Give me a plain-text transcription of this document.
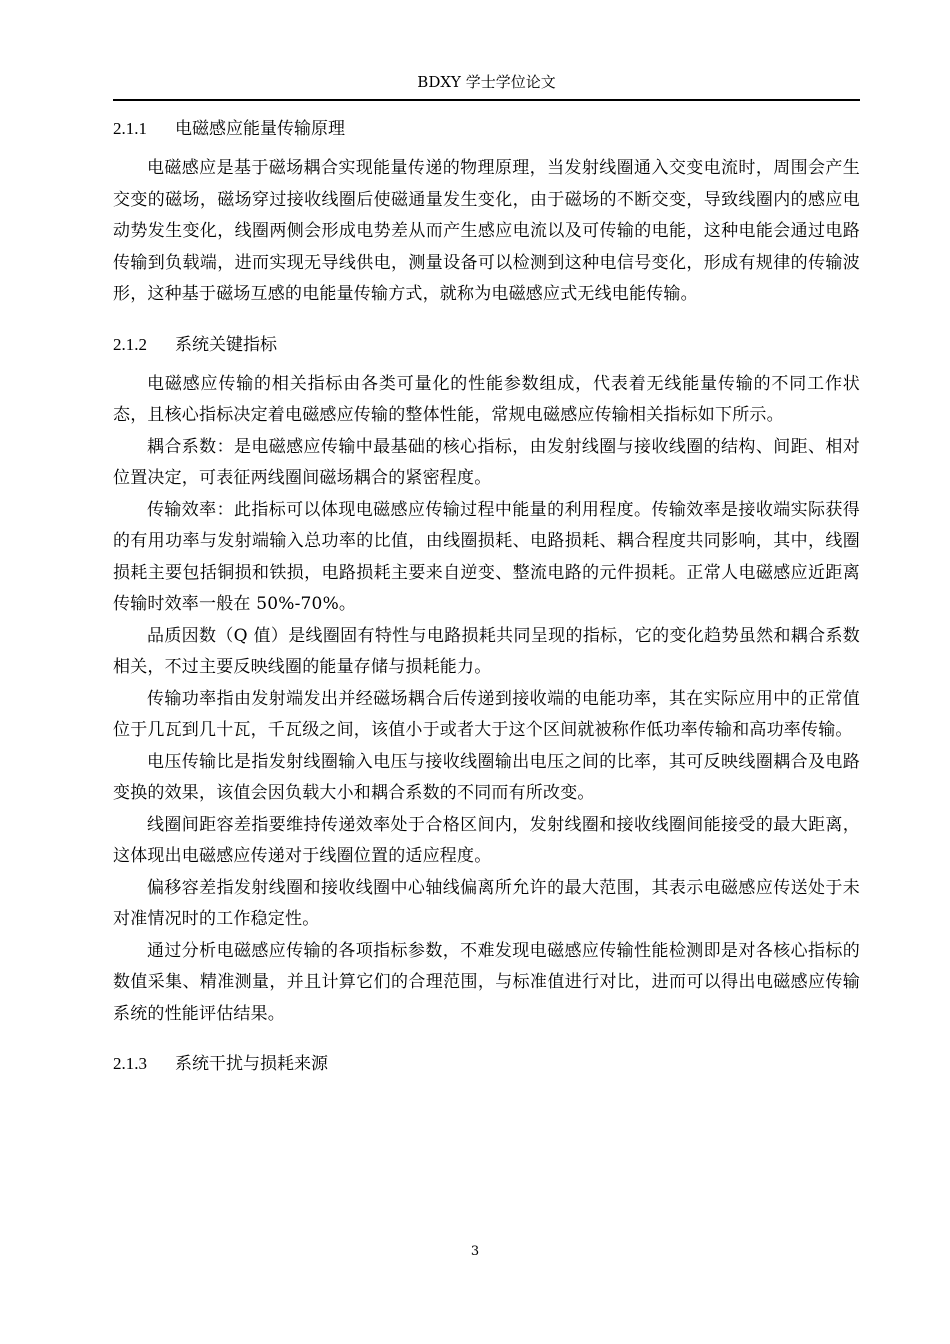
BDXY 学士学位论文
2.1.1 电磁感应能量传输原理

电磁感应是基于磁场耦合实现能量传递的物理原理，当发射线圈通入交变电流时，周围会产生交变的磁场，磁场穿过接收线圈后使磁通量发生变化，由于磁场的不断交变，导致线圈内的感应电动势发生变化，线圈两侧会形成电势差从而产生感应电流以及可传输的电能，这种电能会通过电路传输到负载端，进而实现无导线供电，测量设备可以检测到这种电信号变化，形成有规律的传输波形，这种基于磁场互感的电能量传输方式，就称为电磁感应式无线电能传输。

2.1.2 系统关键指标

电磁感应传输的相关指标由各类可量化的性能参数组成，代表着无线能量传输的不同工作状态，且核心指标决定着电磁感应传输的整体性能，常规电磁感应传输相关指标如下所示。

耦合系数：是电磁感应传输中最基础的核心指标，由发射线圈与接收线圈的结构、间距、相对位置决定，可表征两线圈间磁场耦合的紧密程度。

传输效率：此指标可以体现电磁感应传输过程中能量的利用程度。传输效率是接收端实际获得的有用功率与发射端输入总功率的比值，由线圈损耗、电路损耗、耦合程度共同影响，其中，线圈损耗主要包括铜损和铁损，电路损耗主要来自逆变、整流电路的元件损耗。正常人电磁感应近距离传输时效率一般在 50%-70%。

品质因数（Q 值）是线圈固有特性与电路损耗共同呈现的指标，它的变化趋势虽然和耦合系数相关，不过主要反映线圈的能量存储与损耗能力。

传输功率指由发射端发出并经磁场耦合后传递到接收端的电能功率，其在实际应用中的正常值位于几瓦到几十瓦，千瓦级之间，该值小于或者大于这个区间就被称作低功率传输和高功率传输。

电压传输比是指发射线圈输入电压与接收线圈输出电压之间的比率，其可反映线圈耦合及电路变换的效果，该值会因负载大小和耦合系数的不同而有所改变。

线圈间距容差指要维持传递效率处于合格区间内，发射线圈和接收线圈间能接受的最大距离，这体现出电磁感应传递对于线圈位置的适应程度。

偏移容差指发射线圈和接收线圈中心轴线偏离所允许的最大范围，其表示电磁感应传送处于未对准情况时的工作稳定性。

通过分析电磁感应传输的各项指标参数，不难发现电磁感应传输性能检测即是对各核心指标的数值采集、精准测量，并且计算它们的合理范围，与标准值进行对比，进而可以得出电磁感应传输系统的性能评估结果。

2.1.3 系统干扰与损耗来源
3
